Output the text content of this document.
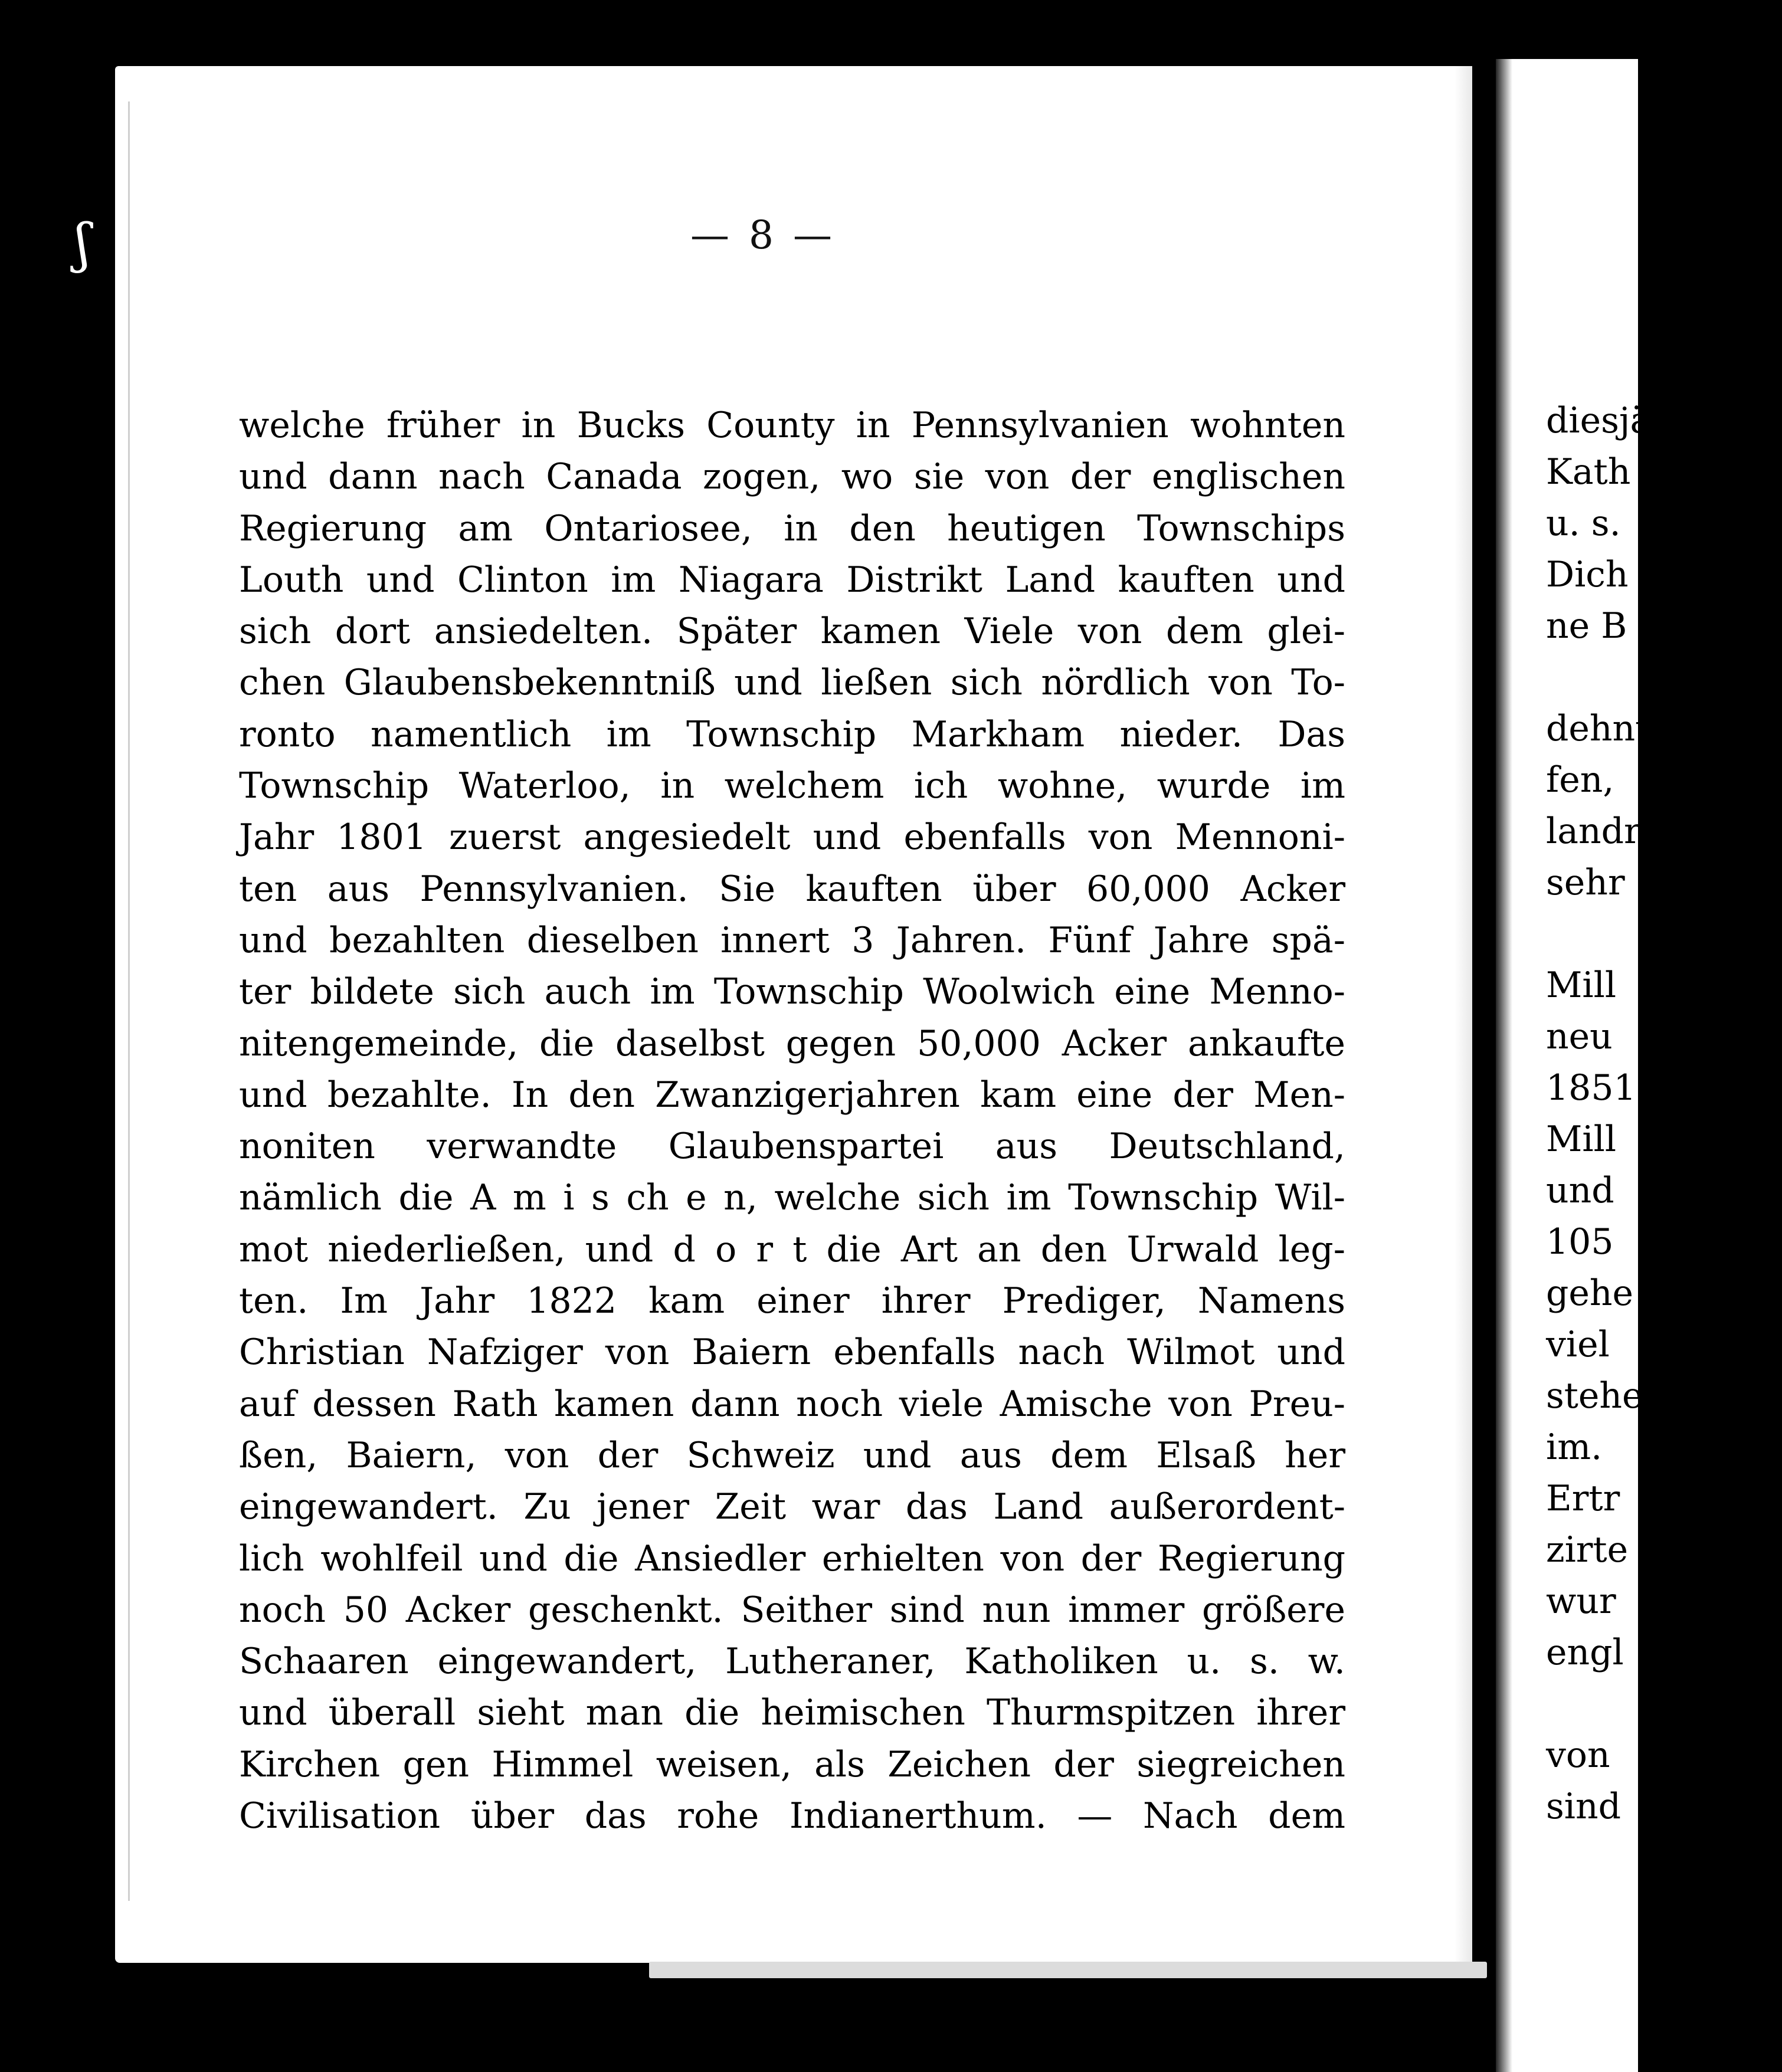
ʃ	— 8 —
welche früher in Bucks County in Pennsylvanien wohnten
und dann nach Canada zogen, wo sie von der englischen
Regierung am Ontariosee, in den heutigen Townschips
Louth und Clinton im Niagara Distrikt Land kauften und
sich dort ansiedelten. Später kamen Viele von dem glei-
chen Glaubensbekenntniß und ließen sich nördlich von To-
ronto namentlich im Townschip Markham nieder. Das
Townschip Waterloo, in welchem ich wohne, wurde im
Jahr 1801 zuerst angesiedelt und ebenfalls von Mennoni-
ten aus Pennsylvanien. Sie kauften über 60,000 Acker
und bezahlten dieselben innert 3 Jahren. Fünf Jahre spä-
ter bildete sich auch im Townschip Woolwich eine Menno-
nitengemeinde, die daselbst gegen 50,000 Acker ankaufte
und bezahlte. In den Zwanzigerjahren kam eine der Men-
noniten verwandte Glaubenspartei aus Deutschland,
nämlich die A m i s ch e n, welche sich im Townschip Wil-
mot niederließen, und d o r t die Art an den Urwald leg-
ten. Im Jahr 1822 kam einer ihrer Prediger, Namens
Christian Nafziger von Baiern ebenfalls nach Wilmot und
auf dessen Rath kamen dann noch viele Amische von Preu-
ßen, Baiern, von der Schweiz und aus dem Elsaß her
eingewandert. Zu jener Zeit war das Land außerordent-
lich wohlfeil und die Ansiedler erhielten von der Regierung
noch 50 Acker geschenkt. Seither sind nun immer größere
Schaaren eingewandert, Lutheraner, Katholiken u. s. w.
und überall sieht man die heimischen Thurmspitzen ihrer
Kirchen gen Himmel weisen, als Zeichen der siegreichen
Civilisation über das rohe Indianerthum. — Nach dem
diesjä
Kath
u. s.
Dich
ne B
dehnu
fen,
landr
sehr
Mill
neu
1851
Mill
und
105
gehe
viel
stehe
im.
Ertr
zirte
wur
engl
von
sind
